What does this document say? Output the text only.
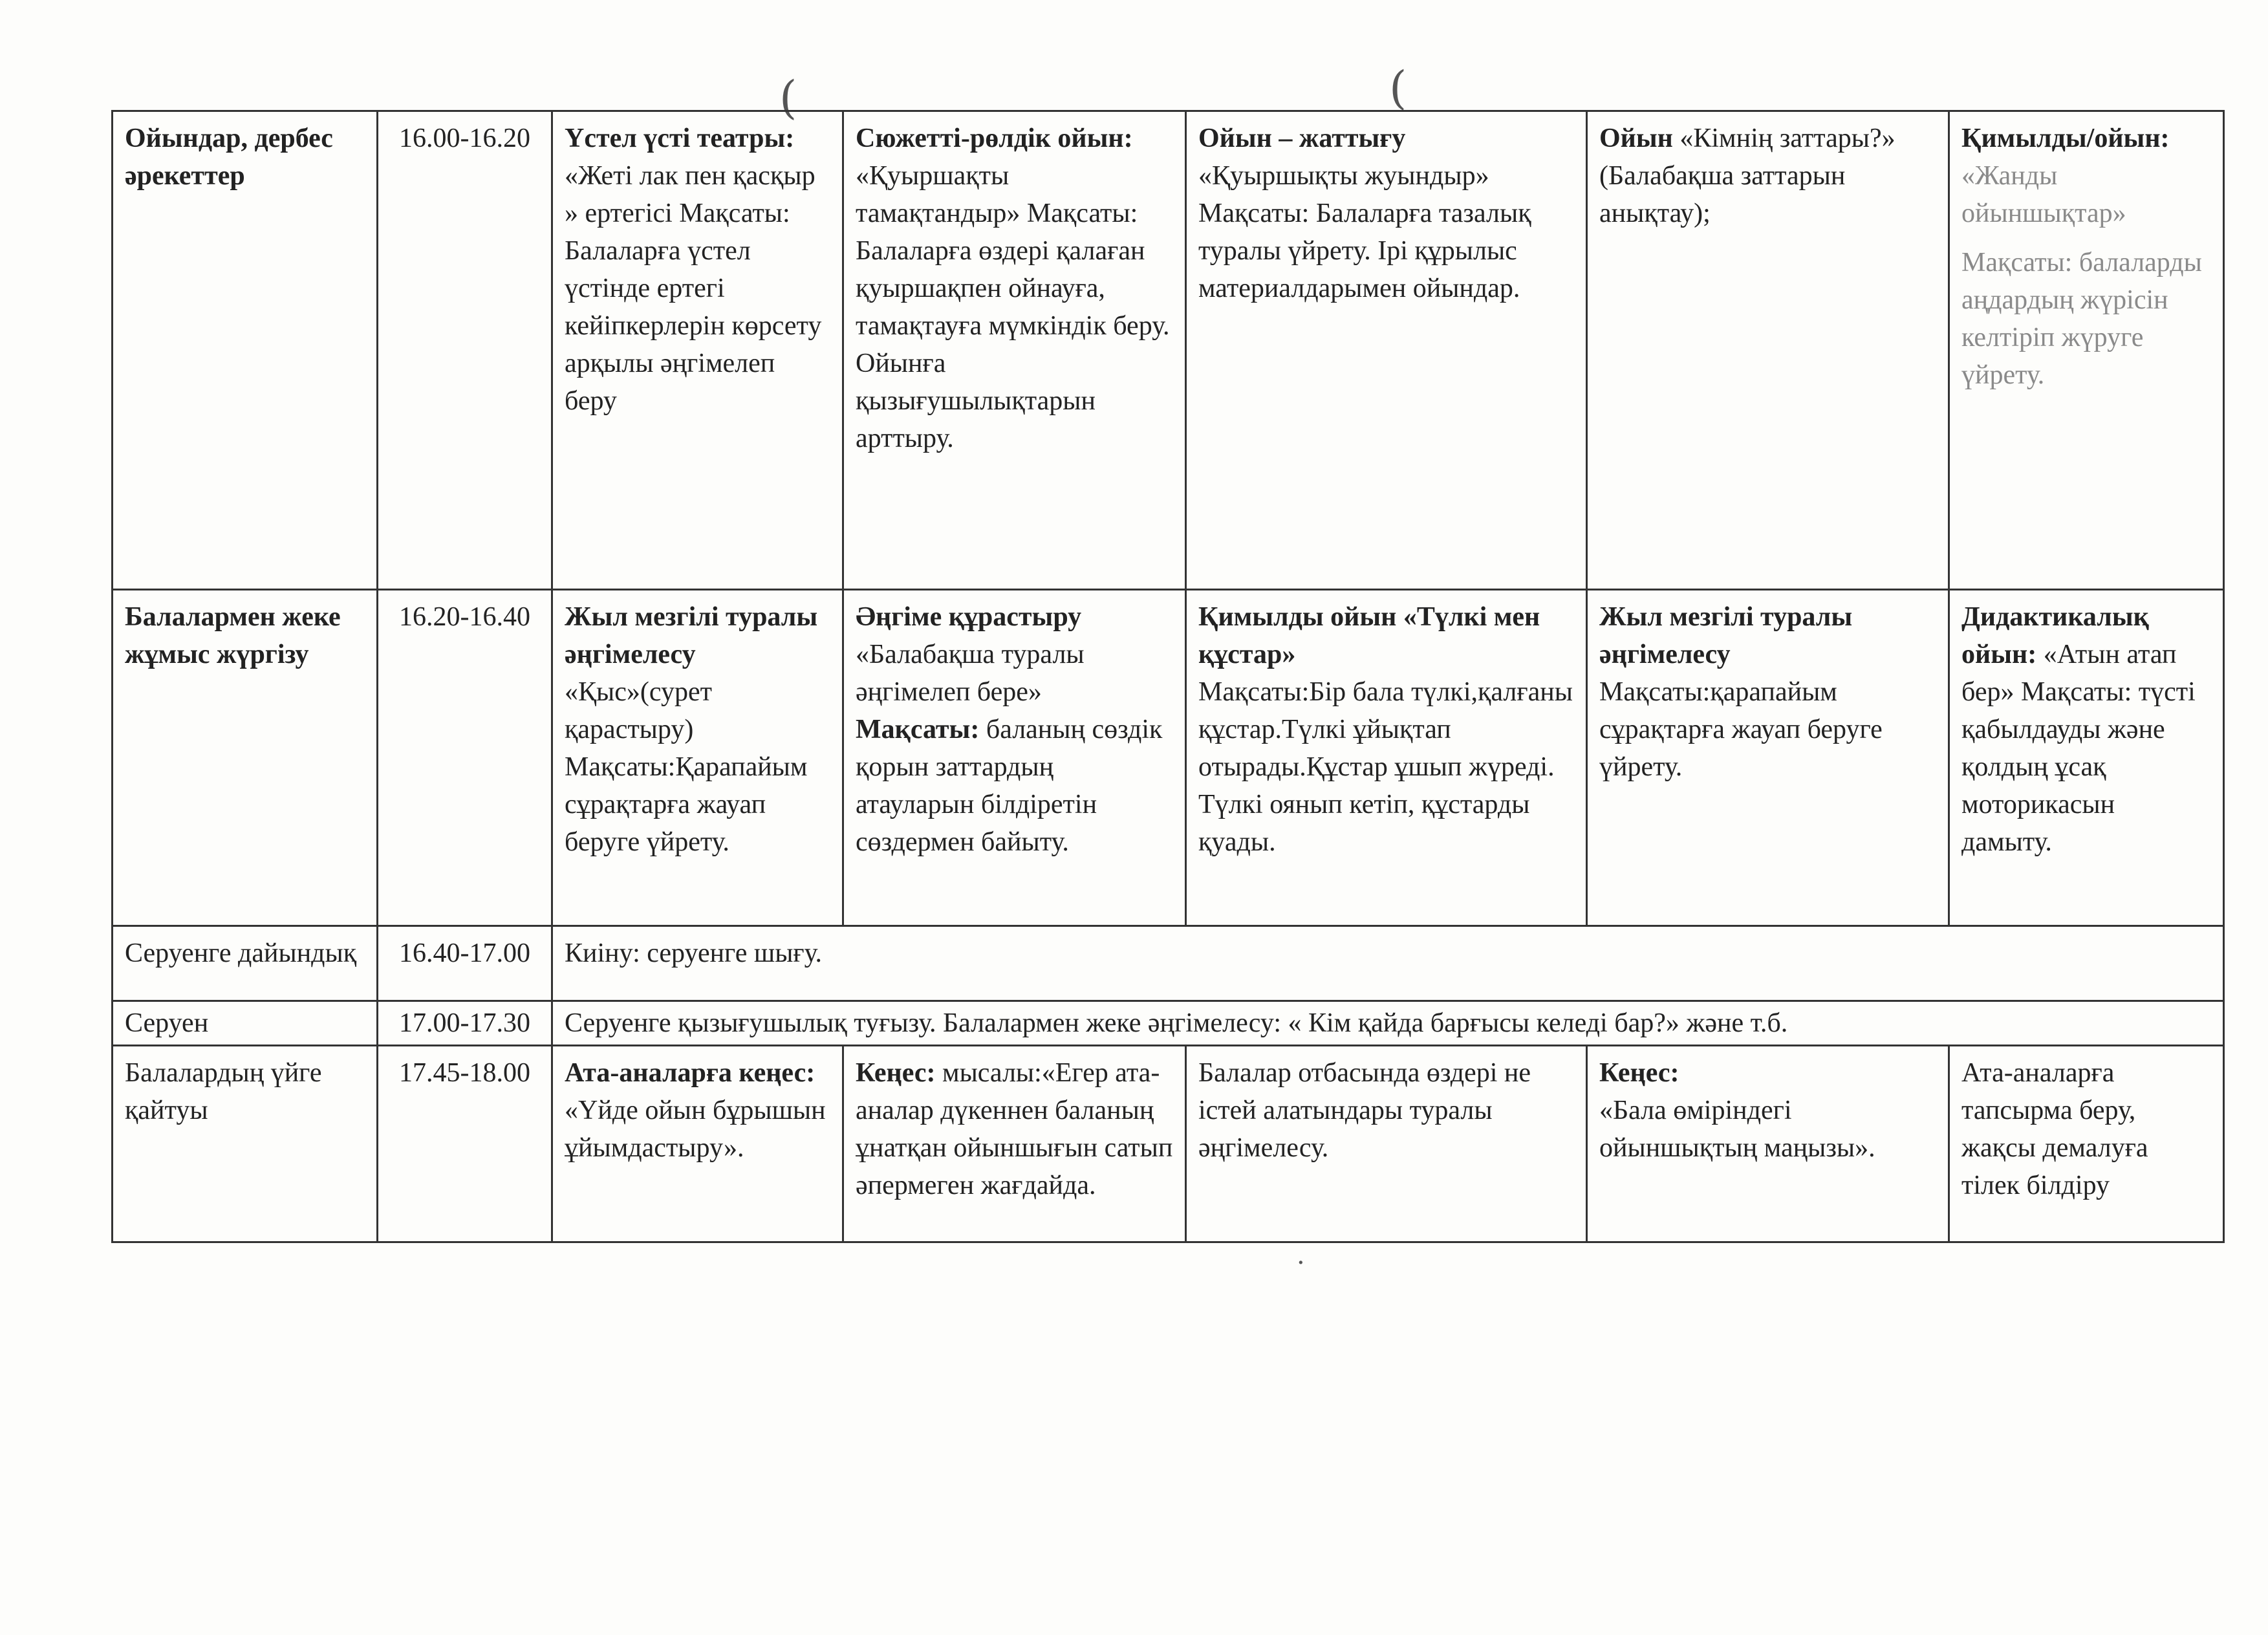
(	(
·
Ойындар, дербес әрекеттер	16.00-16.20	Үстел үсті театры:
«Жеті лак пен қасқыр » ертегісі Мақсаты: Балаларға үстел үстінде ертегі кейіпкерлерін көрсету арқылы әңгімелеп беру	Сюжетті-рөлдік ойын:
«Қуыршақты тамақтандыр» Мақсаты: Балаларға өздері қалаған қуыршақпен ойнауға, тамақтауға мүмкіндік беру. Ойынға қызығушылықтарын арттыру.	Ойын – жаттығу
«Қуыршықты жуындыр» Мақсаты: Балаларға тазалық туралы үйрету. Ірі құрылыс материалдарымен ойындар.	Ойын «Кімнің заттары?» (Балабақша заттарын анықтау);	Қимылды/ойын:
«Жанды ойыншықтар»
Мақсаты: балаларды аңдардың жүрісін келтіріп жүруге үйрету.

Балалармен жеке жұмыс жүргізу	16.20-16.40	Жыл мезгілі туралы әңгімелесу
«Қыс»(сурет қарастыру) Мақсаты:Қарапайым сұрақтарға жауап беруге үйрету.	Әңгіме құрастыру
«Балабақша туралы әңгімелеп бере»
Мақсаты: баланың сөздік қорын заттардың атауларын білдіретін сөздермен байыту.	Қимылды ойын «Түлкі мен құстар»
Мақсаты:Бір бала түлкі,қалғаны құстар.Түлкі ұйықтап отырады.Құстар ұшып жүреді. Түлкі оянып кетіп, құстарды қуады.	Жыл мезгілі туралы әңгімелесу
Мақсаты:қарапайым сұрақтарға жауап беруге үйрету.	Дидактикалық ойын: «Атын атап бер» Мақсаты: түсті қабылдауды және қолдың ұсақ моторикасын дамыту.
Серуенге дайындық	16.40-17.00	Киіну: серуенге шығу.				
Серуен	17.00-17.30	Серуенге қызығушылық туғызу. Балалармен жеке әңгімелесу: « Кім қайда барғысы келеді бар?» және т.б.				
Балалардың үйге қайтуы	17.45-18.00	Ата-аналарға кеңес:
«Үйде ойын бұрышын ұйымдастыру».	Кеңес: мысалы:«Егер ата-аналар дүкеннен баланың ұнатқан ойыншығын сатып әпермеген жағдайда.	Балалар отбасында өздері не істей алатындары туралы әңгімелесу.	Кеңес:
«Бала өміріндегі ойыншықтың маңызы».	Ата-аналарға тапсырма беру, жақсы демалуға тілек білдіру
